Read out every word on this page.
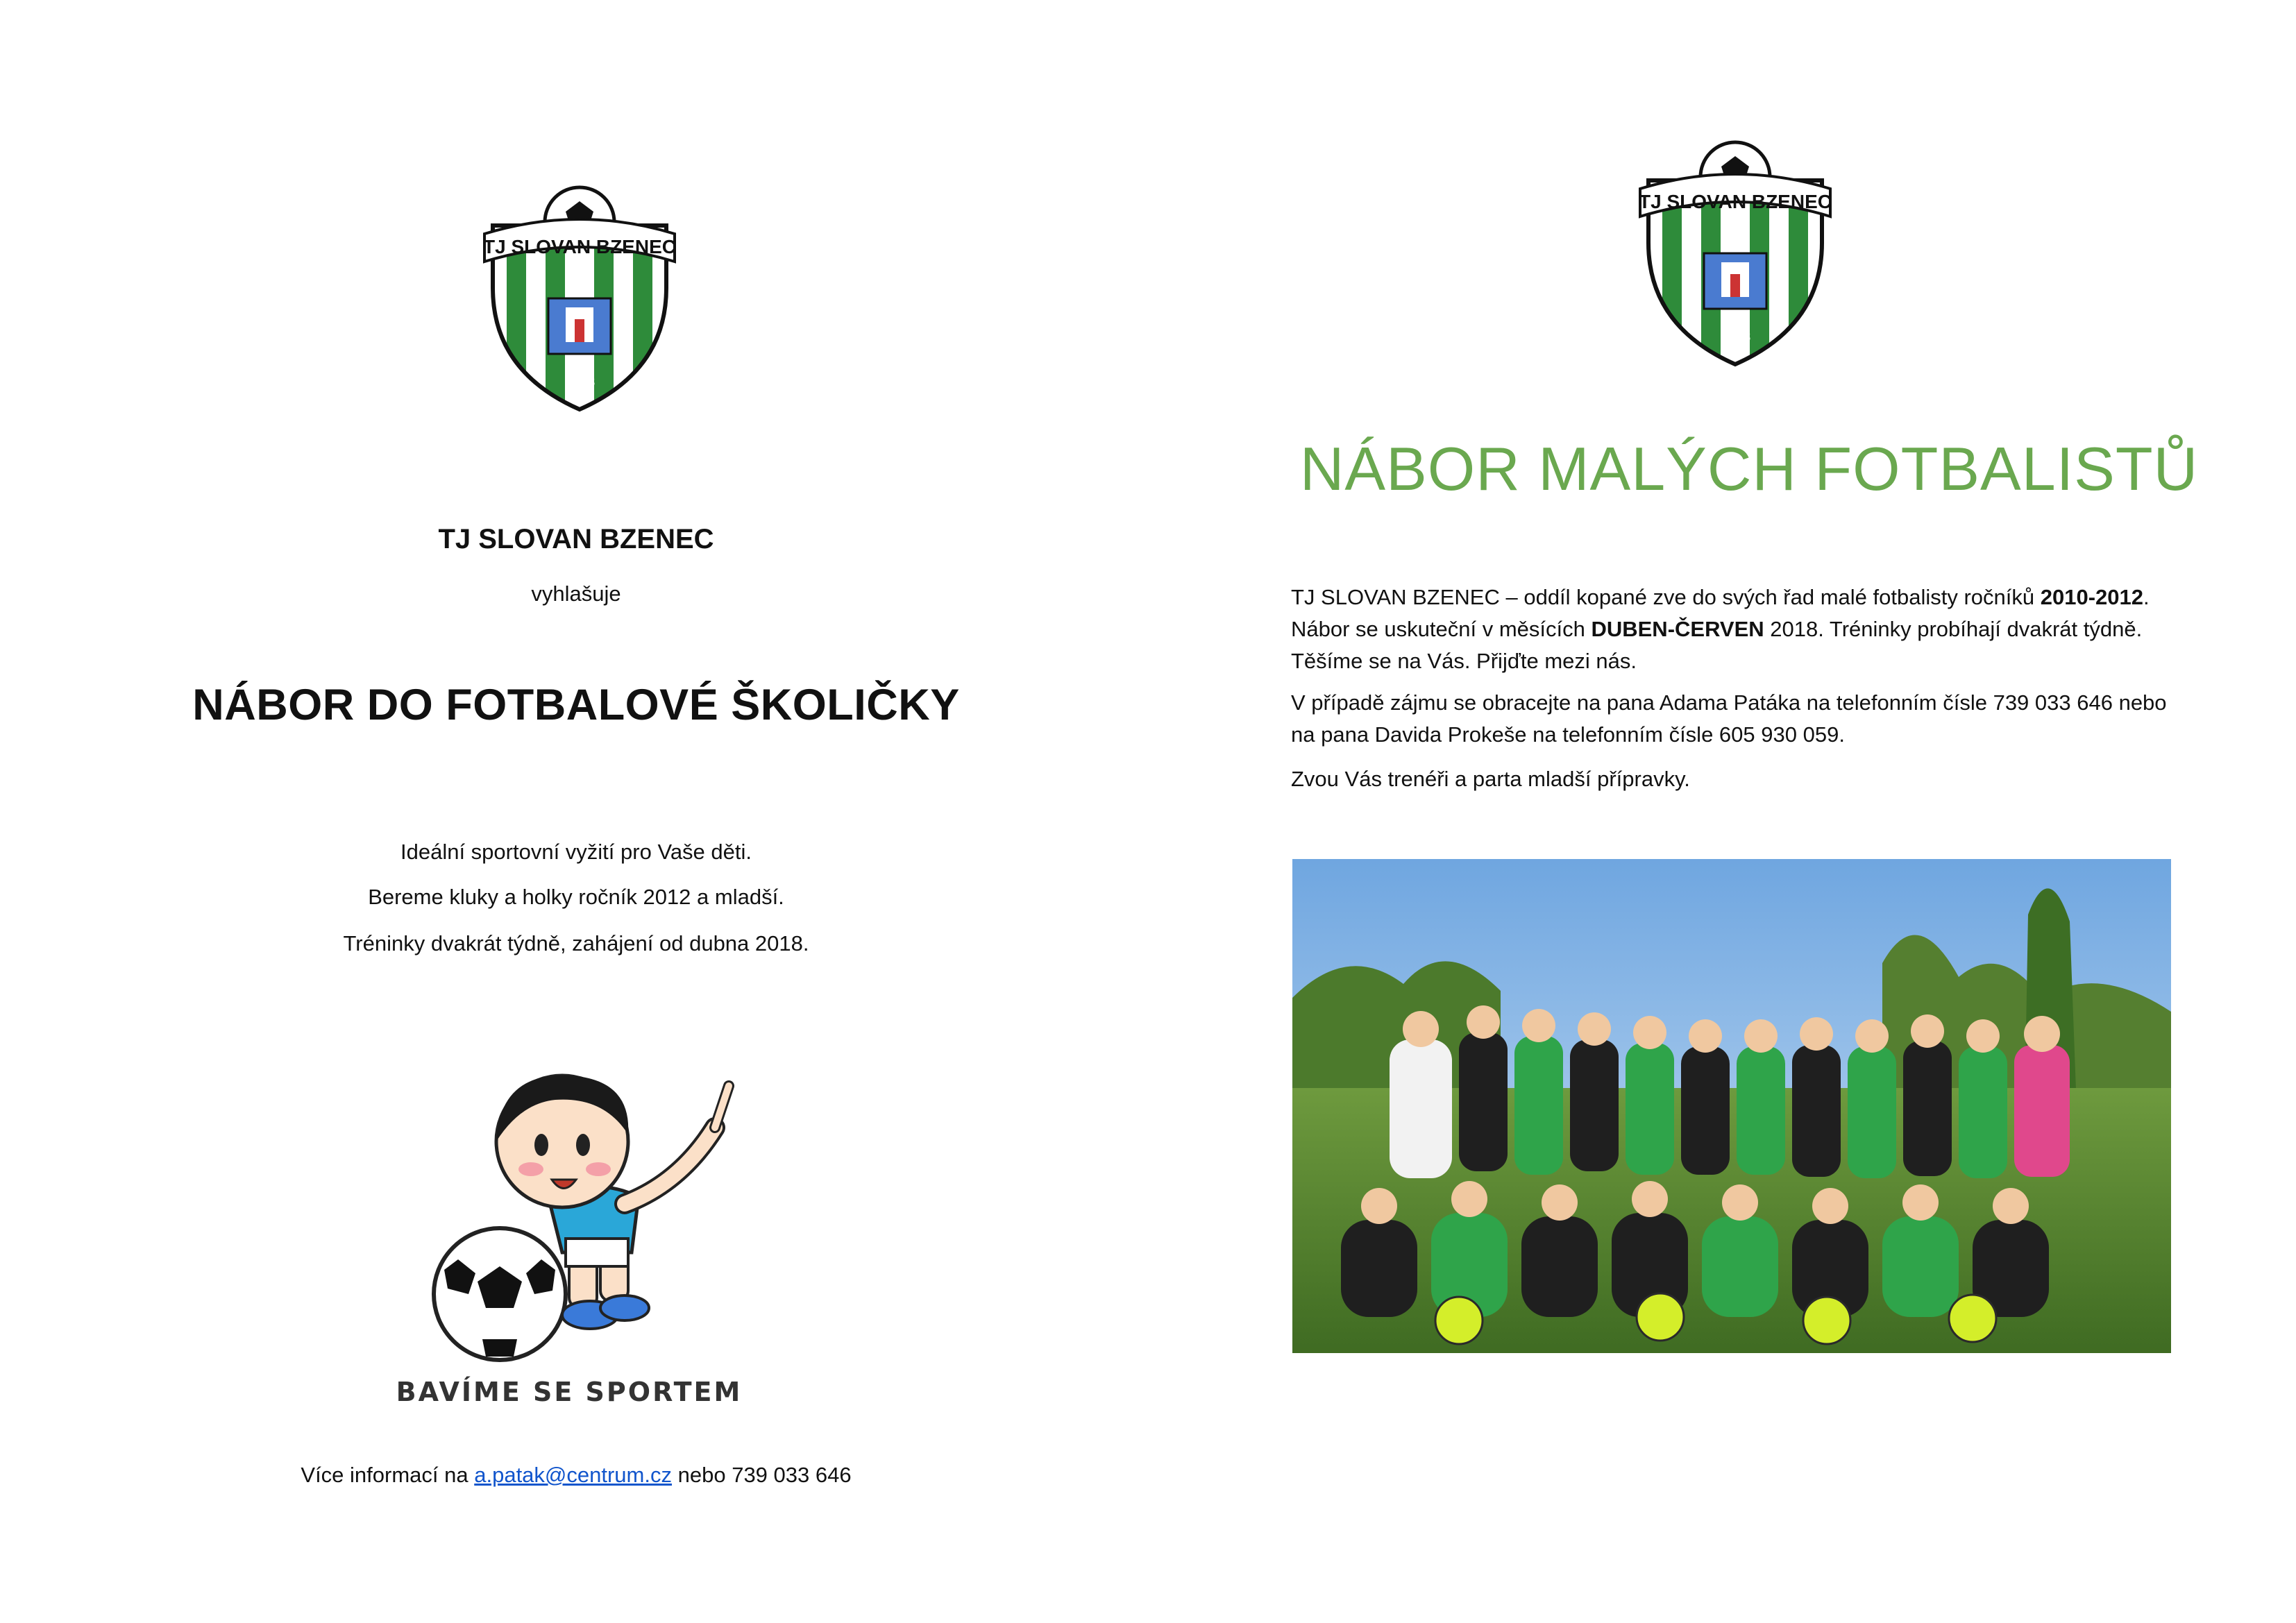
TJ SLOVAN BZENEC
1923
TJ SLOVAN BZENEC
vyhlašuje
NÁBOR DO FOTBALOVÉ ŠKOLIČKY
Ideální sportovní vyžití pro Vaše děti.
Bereme kluky a holky ročník 2012 a mladší.
Tréninky dvakrát týdně, zahájení od dubna 2018.
BAVÍME SE SPORTEM
Více informací na a.patak@centrum.cz nebo 739 033 646
TJ SLOVAN BZENEC
1923
NÁBOR MALÝCH FOTBALISTŮ
TJ SLOVAN BZENEC – oddíl kopané zve do svých řad malé fotbalisty ročníků 2010-2012.
Nábor se uskuteční v měsících DUBEN-ČERVEN 2018. Tréninky probíhají dvakrát týdně.
Těšíme se na Vás. Přijďte mezi nás.
V případě zájmu se obracejte na pana Adama Patáka na telefonním čísle 739 033 646 nebo
na pana Davida Prokeše na telefonním čísle 605 930 059.
Zvou Vás trenéři a parta mladší přípravky.
